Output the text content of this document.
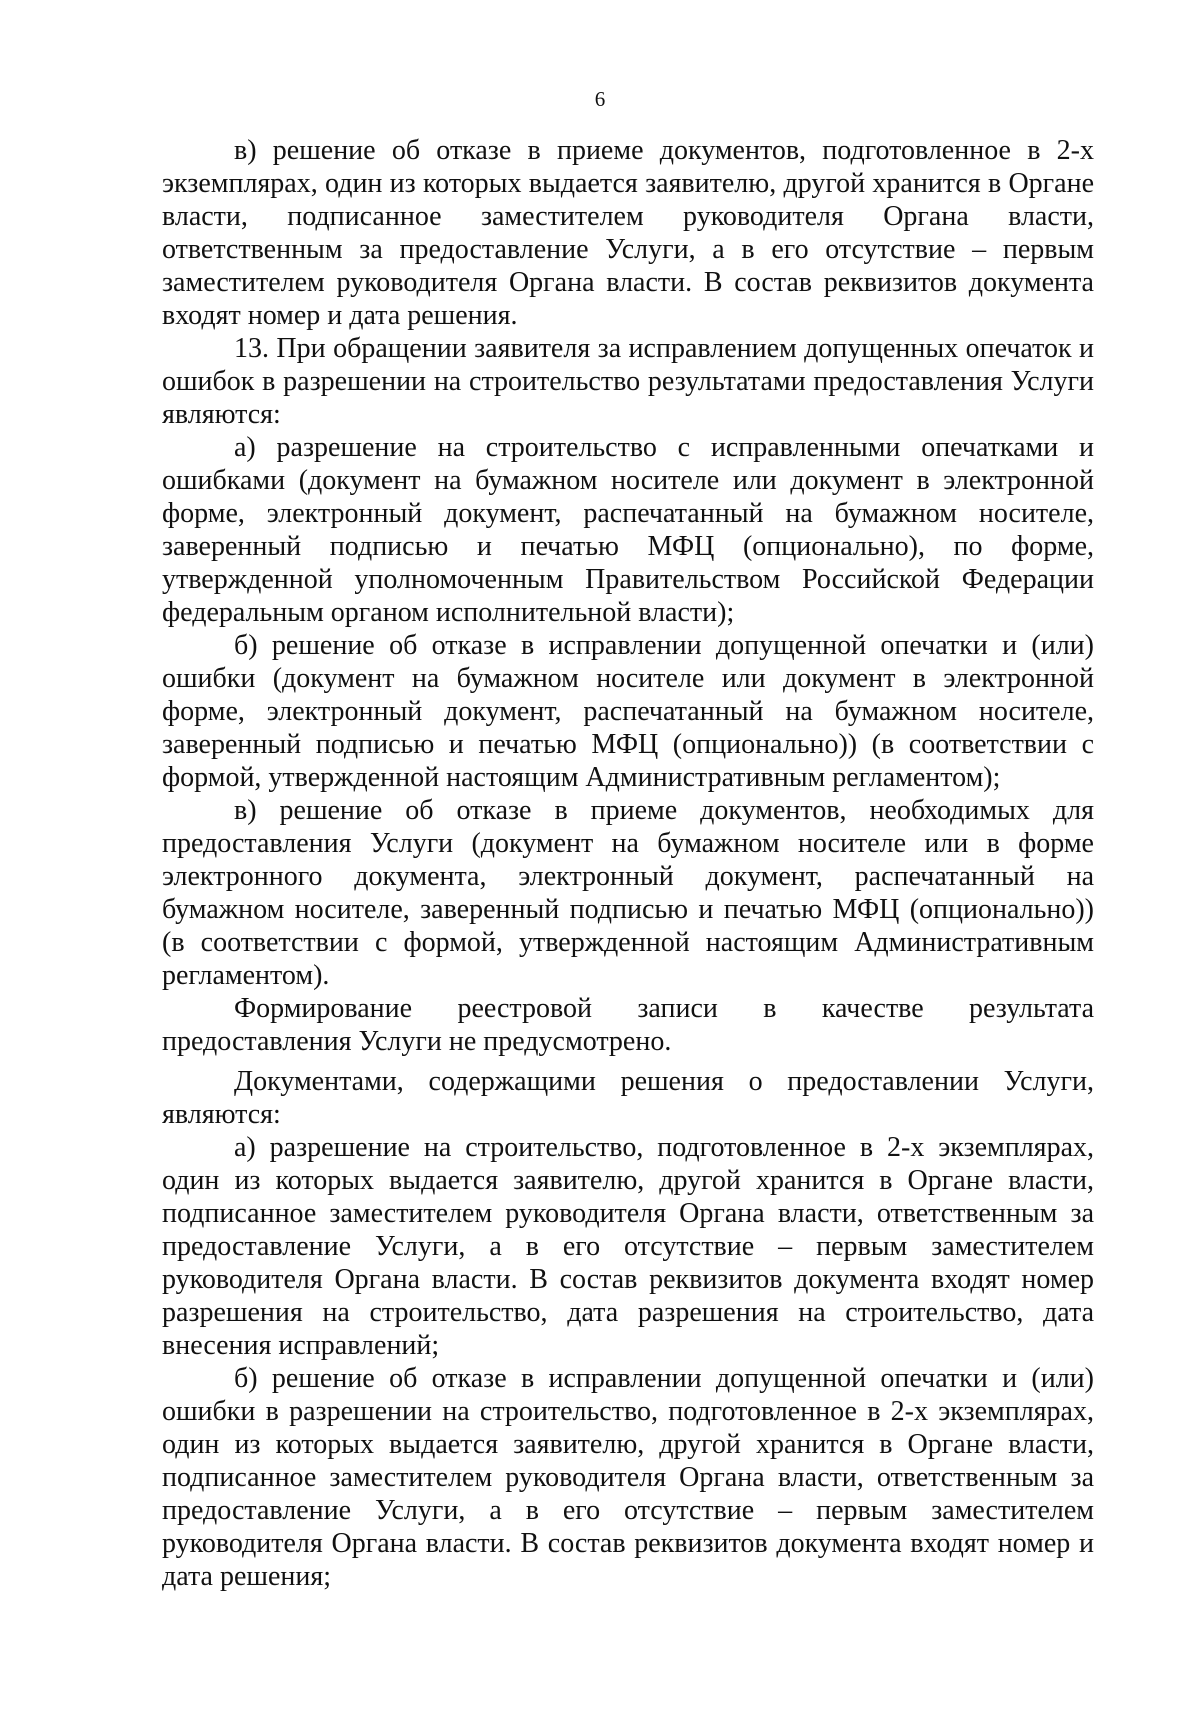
6

в) решение об отказе в приеме документов, подготовленное в 2-х экземплярах, один из которых выдается заявителю, другой хранится в Органе власти, подписанное заместителем руководителя Органа власти, ответственным за предоставление Услуги, а в его отсутствие – первым заместителем руководителя Органа власти. В состав реквизитов документа входят номер и дата решения.

13. При обращении заявителя за исправлением допущенных опечаток и ошибок в разрешении на строительство результатами предоставления Услуги являются:

а) разрешение на строительство с исправленными опечатками и ошибками (документ на бумажном носителе или документ в электронной форме, электронный документ, распечатанный на бумажном носителе, заверенный подписью и печатью МФЦ (опционально), по форме, утвержденной уполномоченным Правительством Российской Федерации федеральным органом исполнительной власти);

б) решение об отказе в исправлении допущенной опечатки и (или) ошибки (документ на бумажном носителе или документ в электронной форме, электронный документ, распечатанный на бумажном носителе, заверенный подписью и печатью МФЦ (опционально)) (в соответствии с формой, утвержденной настоящим Административным регламентом);

в) решение об отказе в приеме документов, необходимых для предоставления Услуги (документ на бумажном носителе или в форме электронного документа, электронный документ, распечатанный на бумажном носителе, заверенный подписью и печатью МФЦ (опционально)) (в соответствии с формой, утвержденной настоящим Административным регламентом).

Формирование реестровой записи в качестве результата предоставления Услуги не предусмотрено.

Документами, содержащими решения о предоставлении Услуги, являются:

а) разрешение на строительство, подготовленное в 2-х экземплярах, один из которых выдается заявителю, другой хранится в Органе власти, подписанное заместителем руководителя Органа власти, ответственным за предоставление Услуги, а в его отсутствие – первым заместителем руководителя Органа власти. В состав реквизитов документа входят номер разрешения на строительство, дата разрешения на строительство, дата внесения исправлений;

б) решение об отказе в исправлении допущенной опечатки и (или) ошибки в разрешении на строительство, подготовленное в 2-х экземплярах, один из которых выдается заявителю, другой хранится в Органе власти, подписанное заместителем руководителя Органа власти, ответственным за предоставление Услуги, а в его отсутствие – первым заместителем руководителя Органа власти. В состав реквизитов документа входят номер и дата решения;
